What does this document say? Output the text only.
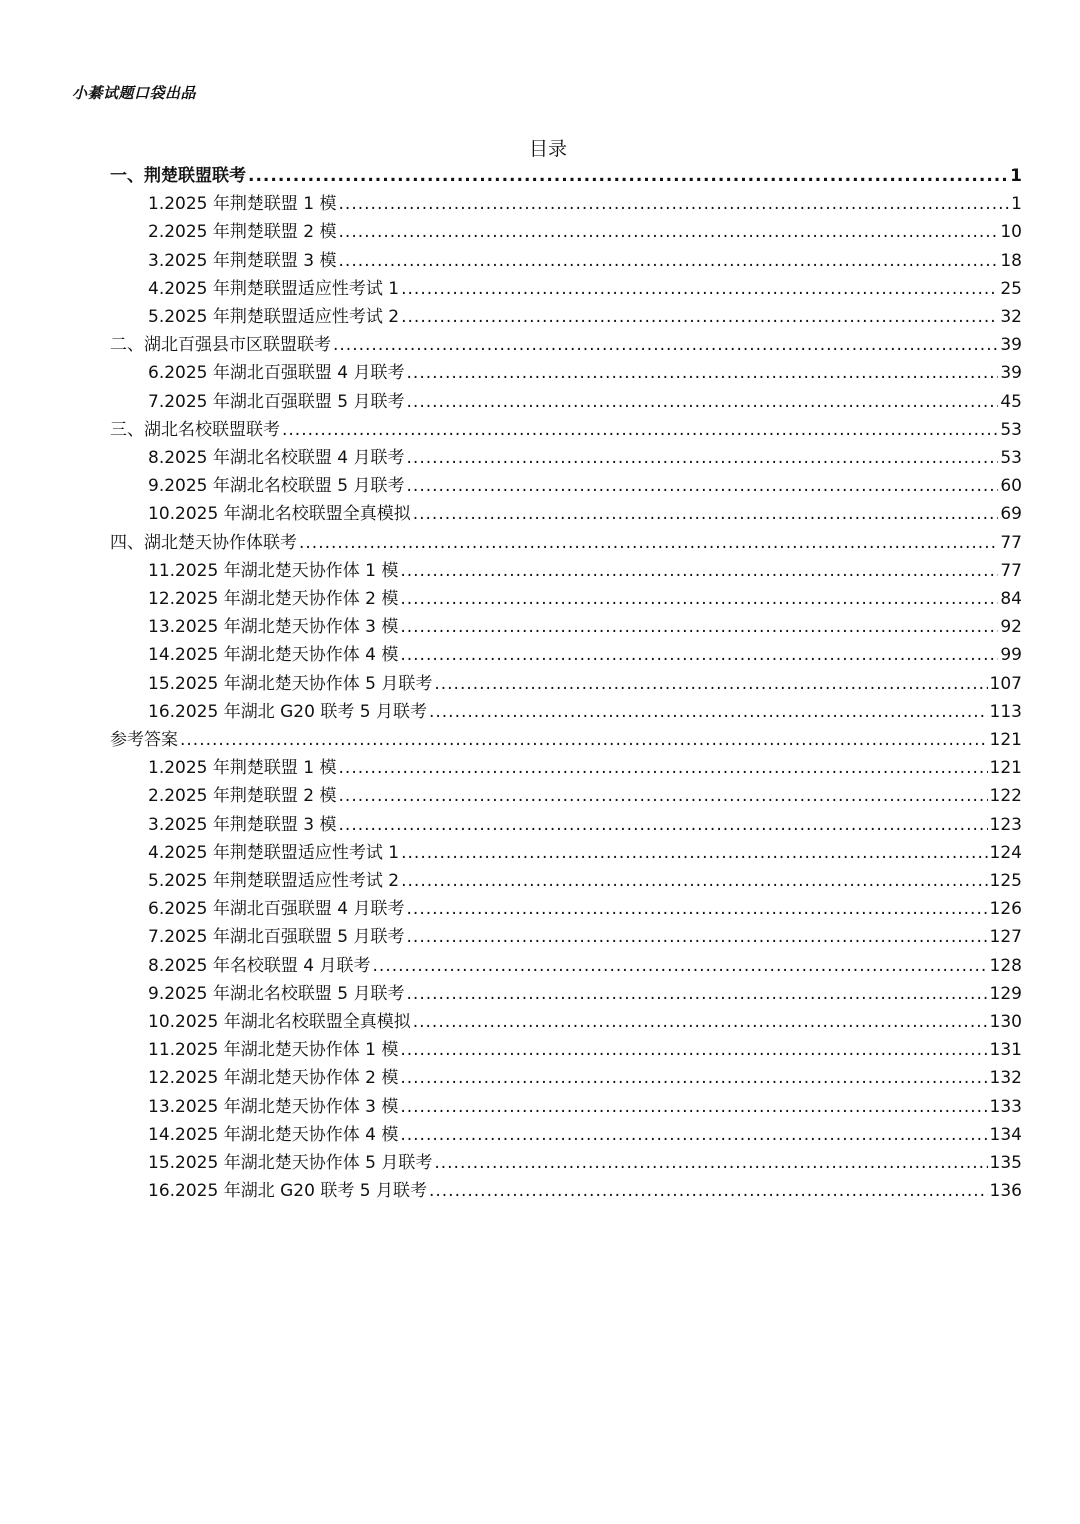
小綦试题口袋出品
目录
一、荆楚联盟联考 .....	1
1.2025 年荆楚联盟 1 模 .....	1
2.2025 年荆楚联盟 2 模 .....	10
3.2025 年荆楚联盟 3 模 .....	18
4.2025 年荆楚联盟适应性考试 1 .....	25
5.2025 年荆楚联盟适应性考试 2 .....	32
二、湖北百强县市区联盟联考 .....	39
6.2025 年湖北百强联盟 4 月联考 .....	39
7.2025 年湖北百强联盟 5 月联考 .....	45
三、湖北名校联盟联考 .....	53
8.2025 年湖北名校联盟 4 月联考 .....	53
9.2025 年湖北名校联盟 5 月联考 .....	60
10.2025 年湖北名校联盟全真模拟 .....	69
四、湖北楚天协作体联考 .....	77
11.2025 年湖北楚天协作体 1 模 .....	77
12.2025 年湖北楚天协作体 2 模 .....	84
13.2025 年湖北楚天协作体 3 模 .....	92
14.2025 年湖北楚天协作体 4 模 .....	99
15.2025 年湖北楚天协作体 5 月联考 .....	107
16.2025 年湖北 G20 联考 5 月联考 .....	113
参考答案 .....	121
1.2025 年荆楚联盟 1 模 .....	121
2.2025 年荆楚联盟 2 模 .....	122
3.2025 年荆楚联盟 3 模 .....	123
4.2025 年荆楚联盟适应性考试 1 .....	124
5.2025 年荆楚联盟适应性考试 2 .....	125
6.2025 年湖北百强联盟 4 月联考 .....	126
7.2025 年湖北百强联盟 5 月联考 .....	127
8.2025 年名校联盟 4 月联考 .....	128
9.2025 年湖北名校联盟 5 月联考 .....	129
10.2025 年湖北名校联盟全真模拟 .....	130
11.2025 年湖北楚天协作体 1 模 .....	131
12.2025 年湖北楚天协作体 2 模 .....	132
13.2025 年湖北楚天协作体 3 模 .....	133
14.2025 年湖北楚天协作体 4 模 .....	134
15.2025 年湖北楚天协作体 5 月联考 .....	135
16.2025 年湖北 G20 联考 5 月联考 .....	136
